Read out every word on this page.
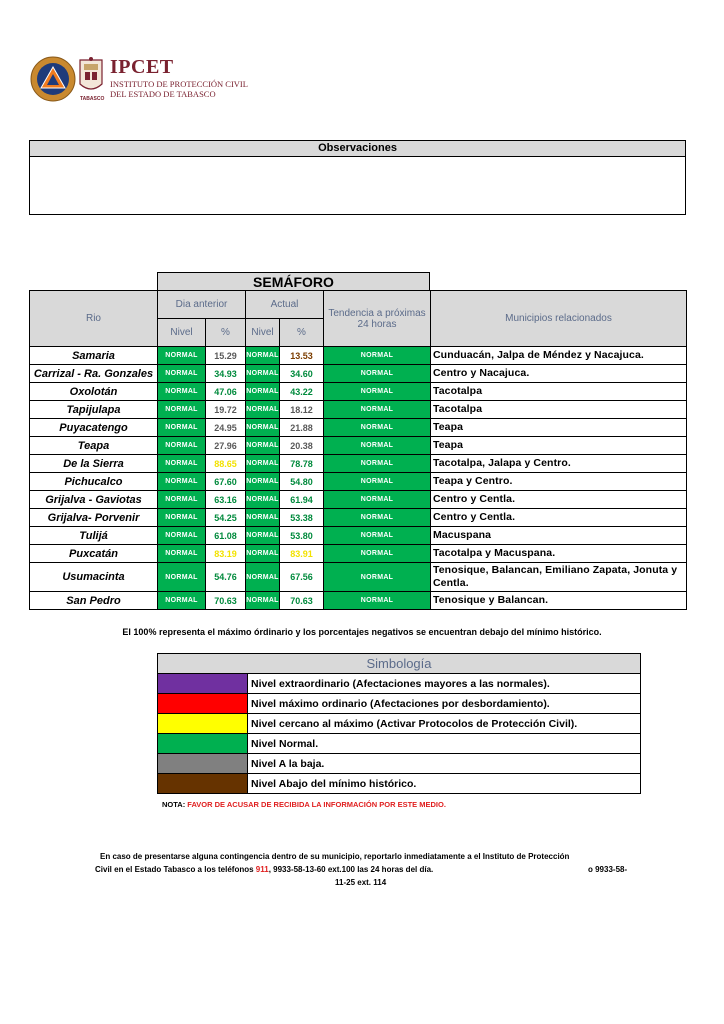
TABASCO
IPCET
INSTITUTO DE PROTECCIÓN CIVIL
DEL ESTADO DE TABASCO
Observaciones
SEMÁFORO
Rio	Dia anterior		Actual		Tendencia a próximas 24 horas	Municipios relacionados
	Nivel	%	Nivel	%		
Samaria	NORMAL	15.29	NORMAL	13.53	NORMAL	Cunduacán, Jalpa de Méndez y Nacajuca.
Carrizal - Ra. Gonzales	NORMAL	34.93	NORMAL	34.60	NORMAL	Centro y Nacajuca.
Oxolotán	NORMAL	47.06	NORMAL	43.22	NORMAL	Tacotalpa
Tapijulapa	NORMAL	19.72	NORMAL	18.12	NORMAL	Tacotalpa
Puyacatengo	NORMAL	24.95	NORMAL	21.88	NORMAL	Teapa
Teapa	NORMAL	27.96	NORMAL	20.38	NORMAL	Teapa
De la Sierra	NORMAL	88.65	NORMAL	78.78	NORMAL	Tacotalpa, Jalapa y Centro.
Pichucalco	NORMAL	67.60	NORMAL	54.80	NORMAL	Teapa y Centro.
Grijalva - Gaviotas	NORMAL	63.16	NORMAL	61.94	NORMAL	Centro y Centla.
Grijalva- Porvenir	NORMAL	54.25	NORMAL	53.38	NORMAL	Centro y Centla.
Tulijá	NORMAL	61.08	NORMAL	53.80	NORMAL	Macuspana
Puxcatán	NORMAL	83.19	NORMAL	83.91	NORMAL	Tacotalpa y Macuspana.
Usumacinta	NORMAL	54.76	NORMAL	67.56	NORMAL	Tenosique, Balancan, Emiliano Zapata, Jonuta y Centla.
San Pedro	NORMAL	70.63	NORMAL	70.63	NORMAL	Tenosique y Balancan.
El 100% representa el máximo órdinario y los porcentajes negativos se encuentran debajo del mínimo histórico.
Simbología	
	Nivel extraordinario (Afectaciones mayores a las normales).
	Nivel máximo ordinario (Afectaciones por desbordamiento).
	Nivel cercano al máximo (Activar Protocolos de Protección Civil).
	Nivel Normal.
	Nivel A la baja.
	Nivel Abajo del mínimo histórico.
NOTA: FAVOR DE ACUSAR DE RECIBIDA LA INFORMACIÓN POR ESTE MEDIO.
En caso de presentarse alguna contingencia dentro de su municipio, reportarlo inmediatamente a el Instituto de Protección
Civil en el Estado Tabasco a los teléfonos 911, 9933-58-13-60 ext.100 las 24 horas del día.	o 9933-58-
11-25 ext. 114
